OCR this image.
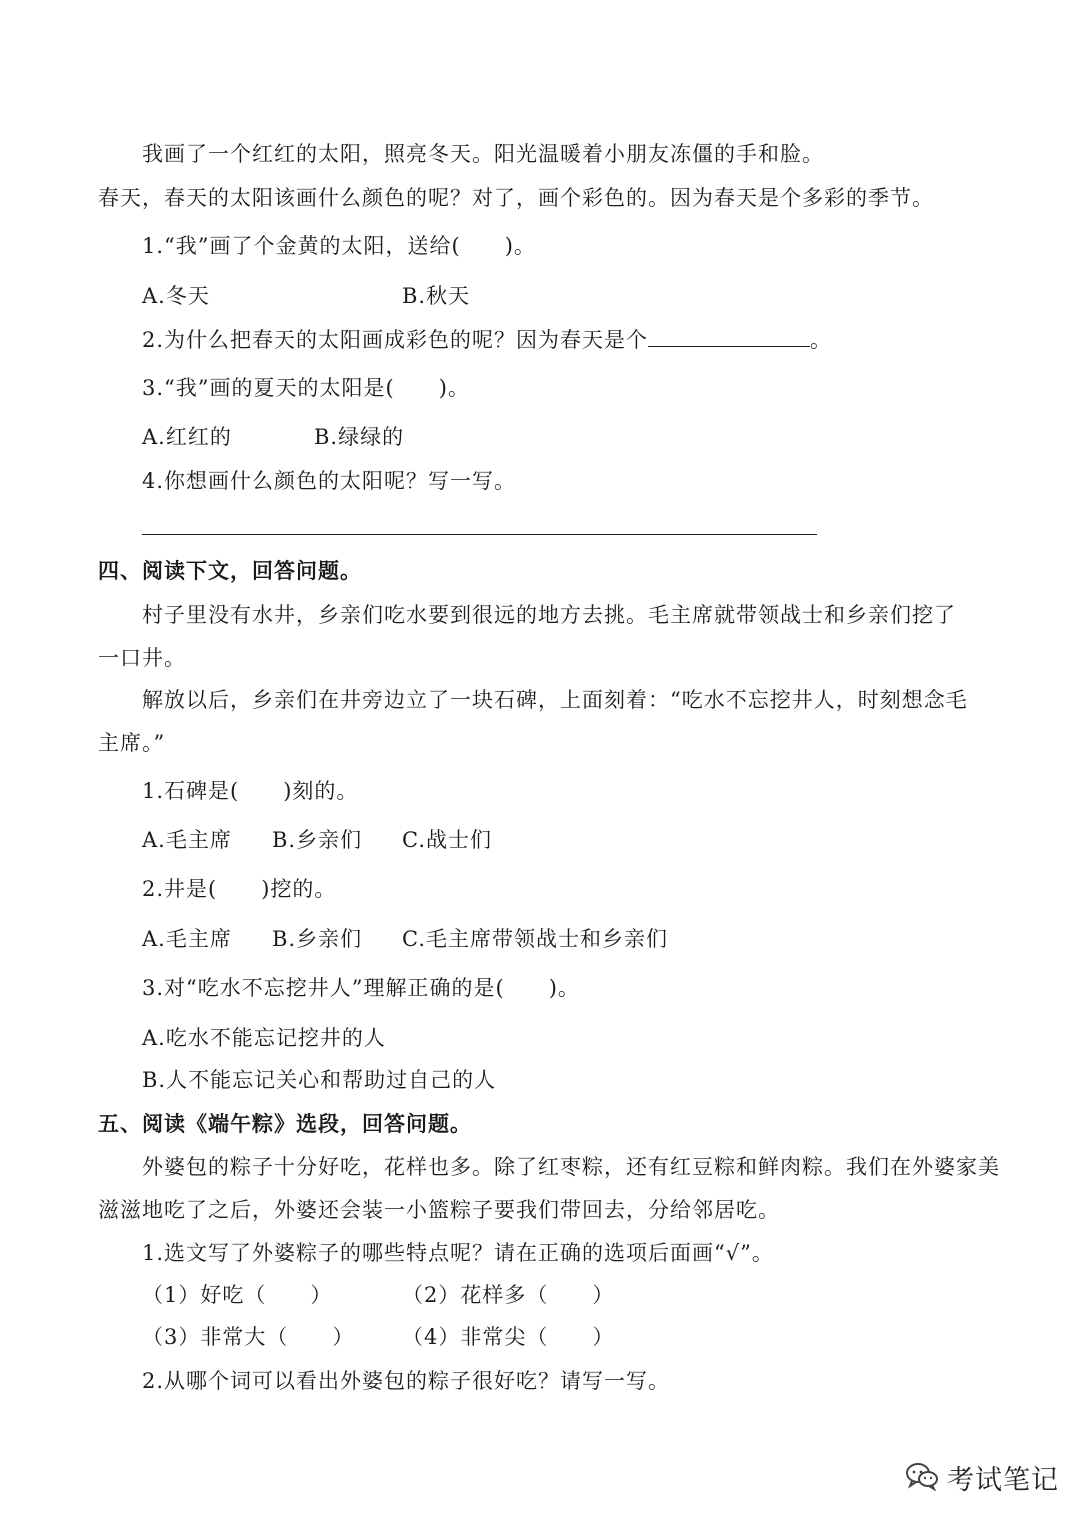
我画了一个红红的太阳，照亮冬天。阳光温暖着小朋友冻僵的手和脸。
春天，春天的太阳该画什么颜色的呢？对了，画个彩色的。因为春天是个多彩的季节。
1.“我”画了个金黄的太阳，送给(　　)。
A.冬天	B.秋天
2.为什么把春天的太阳画成彩色的呢？因为春天是个	。
3.“我”画的夏天的太阳是(　　)。
A.红红的	B.绿绿的
4.你想画什么颜色的太阳呢？写一写。
四、阅读下文，回答问题。
村子里没有水井，乡亲们吃水要到很远的地方去挑。毛主席就带领战士和乡亲们挖了
一口井。
解放以后，乡亲们在井旁边立了一块石碑，上面刻着：“吃水不忘挖井人，时刻想念毛
主席。”
1.石碑是(　　)刻的。
A.毛主席 B.乡亲们 C.战士们
2.井是(　　)挖的。
A.毛主席 B.乡亲们 C.毛主席带领战士和乡亲们
3.对“吃水不忘挖井人”理解正确的是(　　)。
A.吃水不能忘记挖井的人
B.人不能忘记关心和帮助过自己的人
五、阅读《端午粽》选段，回答问题。
外婆包的粽子十分好吃，花样也多。除了红枣粽，还有红豆粽和鲜肉粽。我们在外婆家美
滋滋地吃了之后，外婆还会装一小篮粽子要我们带回去，分给邻居吃。
1.选文写了外婆粽子的哪些特点呢？请在正确的选项后面画“√”。
（1）好吃（　　）	（2）花样多（　　）
（3）非常大（　　） （4）非常尖（　　）
2.从哪个词可以看出外婆包的粽子很好吃？请写一写。
考试笔记
